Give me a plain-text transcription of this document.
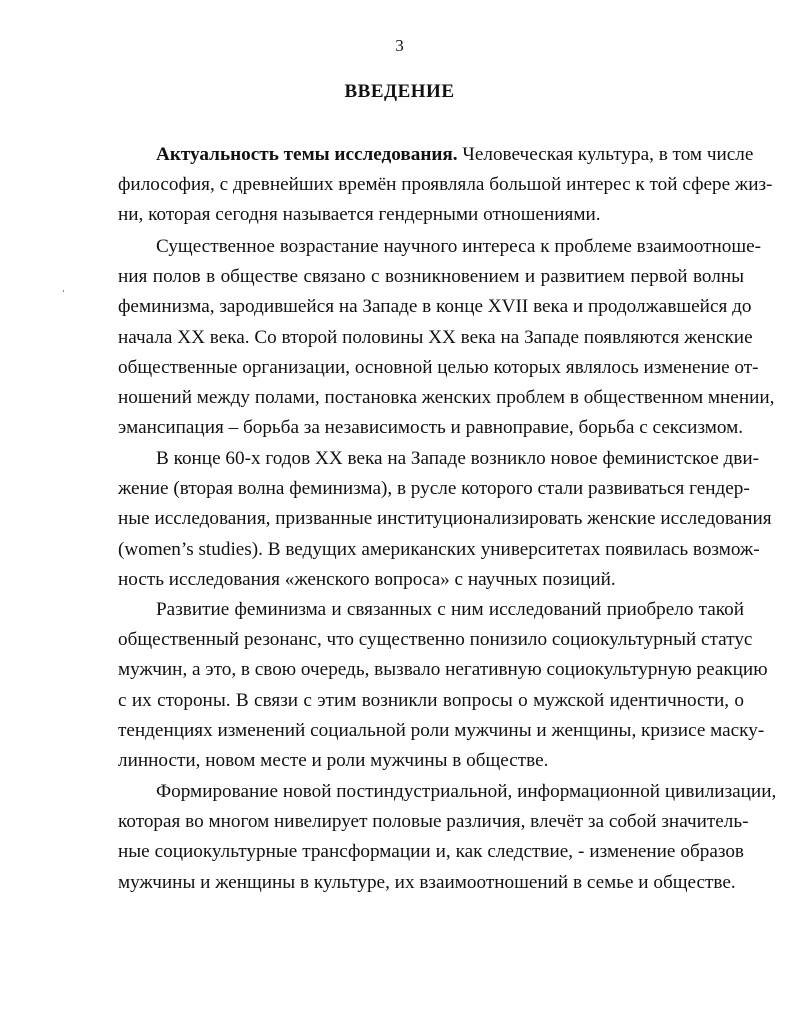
3
ВВЕДЕНИЕ
Актуальность темы исследования. Человеческая культура, в том числе
философия, с древнейших времён проявляла большой интерес к той сфере жиз-
ни, которая сегодня называется гендерными отношениями.
Существенное возрастание научного интереса к проблеме взаимоотноше-
ния полов в обществе связано с возникновением и развитием первой волны
феминизма, зародившейся на Западе в конце XVII века и продолжавшейся до
начала XX века. Со второй половины XX века на Западе появляются женские
общественные организации, основной целью которых являлось изменение от-
ношений между полами, постановка женских проблем в общественном мнении,
эмансипация – борьба за независимость и равноправие, борьба с сексизмом.
В конце 60-х годов XX века на Западе возникло новое феминистское дви-
жение (вторая волна феминизма), в русле которого стали развиваться гендер-
ные исследования, призванные институционализировать женские исследования
(women’s studies). В ведущих американских университетах появилась возмож-
ность исследования «женского вопроса» с научных позиций.
Развитие феминизма и связанных с ним исследований приобрело такой
общественный резонанс, что существенно понизило социокультурный статус
мужчин, а это, в свою очередь, вызвало негативную социокультурную реакцию
с их стороны. В связи с этим возникли вопросы о мужской идентичности, о
тенденциях изменений социальной роли мужчины и женщины, кризисе маску-
линности, новом месте и роли мужчины в обществе.
Формирование новой постиндустриальной, информационной цивилизации,
которая во многом нивелирует половые различия, влечёт за собой значитель-
ные социокультурные трансформации и, как следствие, - изменение образов
мужчины и женщины в культуре, их взаимоотношений в семье и обществе.
